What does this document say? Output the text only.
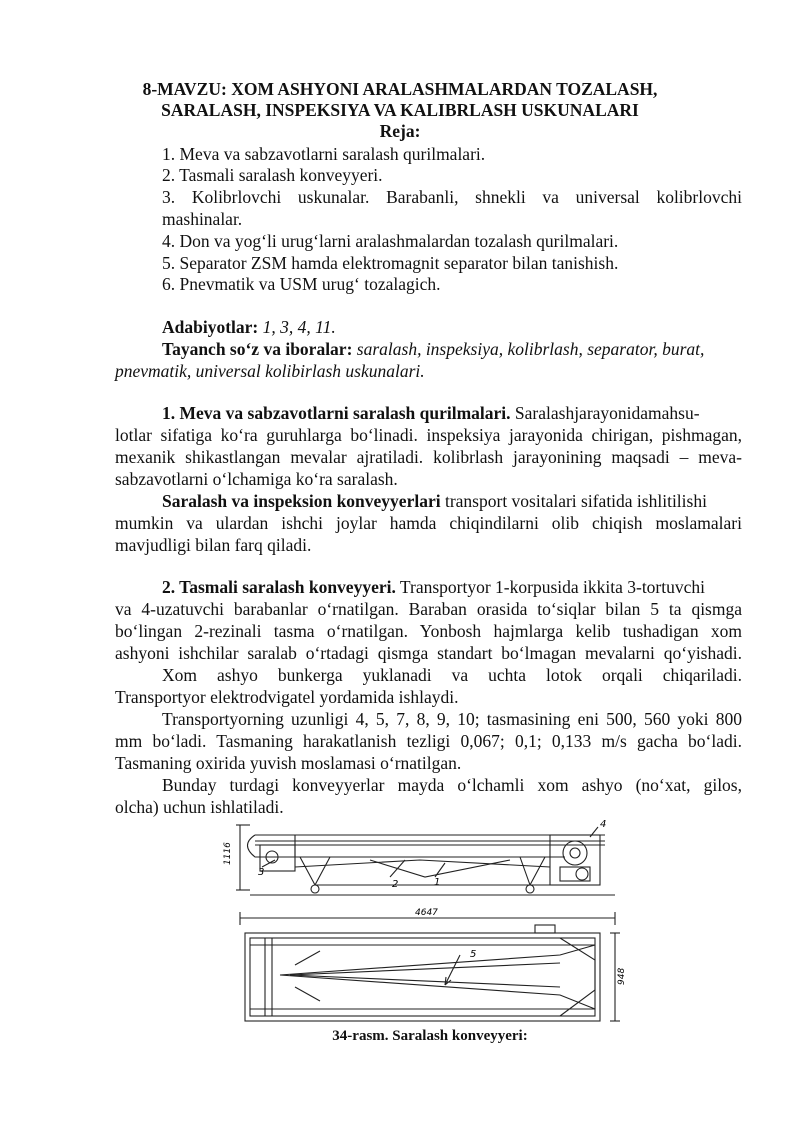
8-MAVZU: XOM ASHYONI ARALASHMALARDAN TOZALASH,
SARALASH, INSPEKSIYA VA KALIBRLASH USKUNALARI
Reja:
1. Meva va sabzavotlarni saralash qurilmalari.
2. Tasmali saralash konveyyeri.
3. Kolibrlovchi uskunalar. Barabanli, shnekli va universal kolibrlovchi
mashinalar.
4. Don va yog‘li urug‘larni aralashmalardan tozalash qurilmalari.
5. Separator ZSM hamda elektromagnit separator bilan tanishish.
6. Pnevmatik va USM urug‘ tozalagich.
Adabiyotlar: 1, 3, 4, 11.
Tayanch so‘z va iboralar: saralash, inspeksiya, kolibrlash, separator, burat,
pnevmatik, universal kolibirlash uskunalari.
1. Meva va sabzavotlarni saralash qurilmalari. Saralashjarayonidamahsu-
lotlar sifatiga ko‘ra guruhlarga bo‘linadi. inspeksiya jarayonida chirigan, pishmagan,
mexanik shikastlangan mevalar ajratiladi. kolibrlash jarayonining maqsadi – meva-
sabzavotlarni o‘lchamiga ko‘ra saralash.
Saralash va inspeksion konveyyerlari transport vositalari sifatida ishlitilishi
mumkin va ulardan ishchi joylar hamda chiqindilarni olib chiqish moslamalari
mavjudligi bilan farq qiladi.
2. Tasmali saralash konveyyeri. Transportyor 1-korpusida ikkita 3-tortuvchi
va 4-uzatuvchi barabanlar o‘rnatilgan. Baraban orasida to‘siqlar bilan 5 ta qismga
bo‘lingan 2-rezinali tasma o‘rnatilgan. Yonbosh hajmlarga kelib tushadigan xom
ashyoni ishchilar saralab o‘rtadagi qismga standart bo‘lmagan mevalarni qo‘yishadi.
Xom ashyo bunkerga yuklanadi va uchta lotok orqali chiqariladi.
Transportyor elektrodvigatel yordamida ishlaydi.
Transportyorning uzunligi 4, 5, 7, 8, 9, 10; tasmasining eni 500, 560 yoki 800
mm bo‘ladi. Tasmaning harakatlanish tezligi 0,067; 0,1; 0,133 m/s gacha bo‘ladi.
Tasmaning oxirida yuvish moslamasi o‘rnatilgan.
Bunday turdagi konveyyerlar mayda o‘lchamli xom ashyo (no‘xat, gilos,
olcha) uchun ishlatiladi.
1116
4647
948
1
2
3
4
5
34-rasm. Saralash konveyyeri:
